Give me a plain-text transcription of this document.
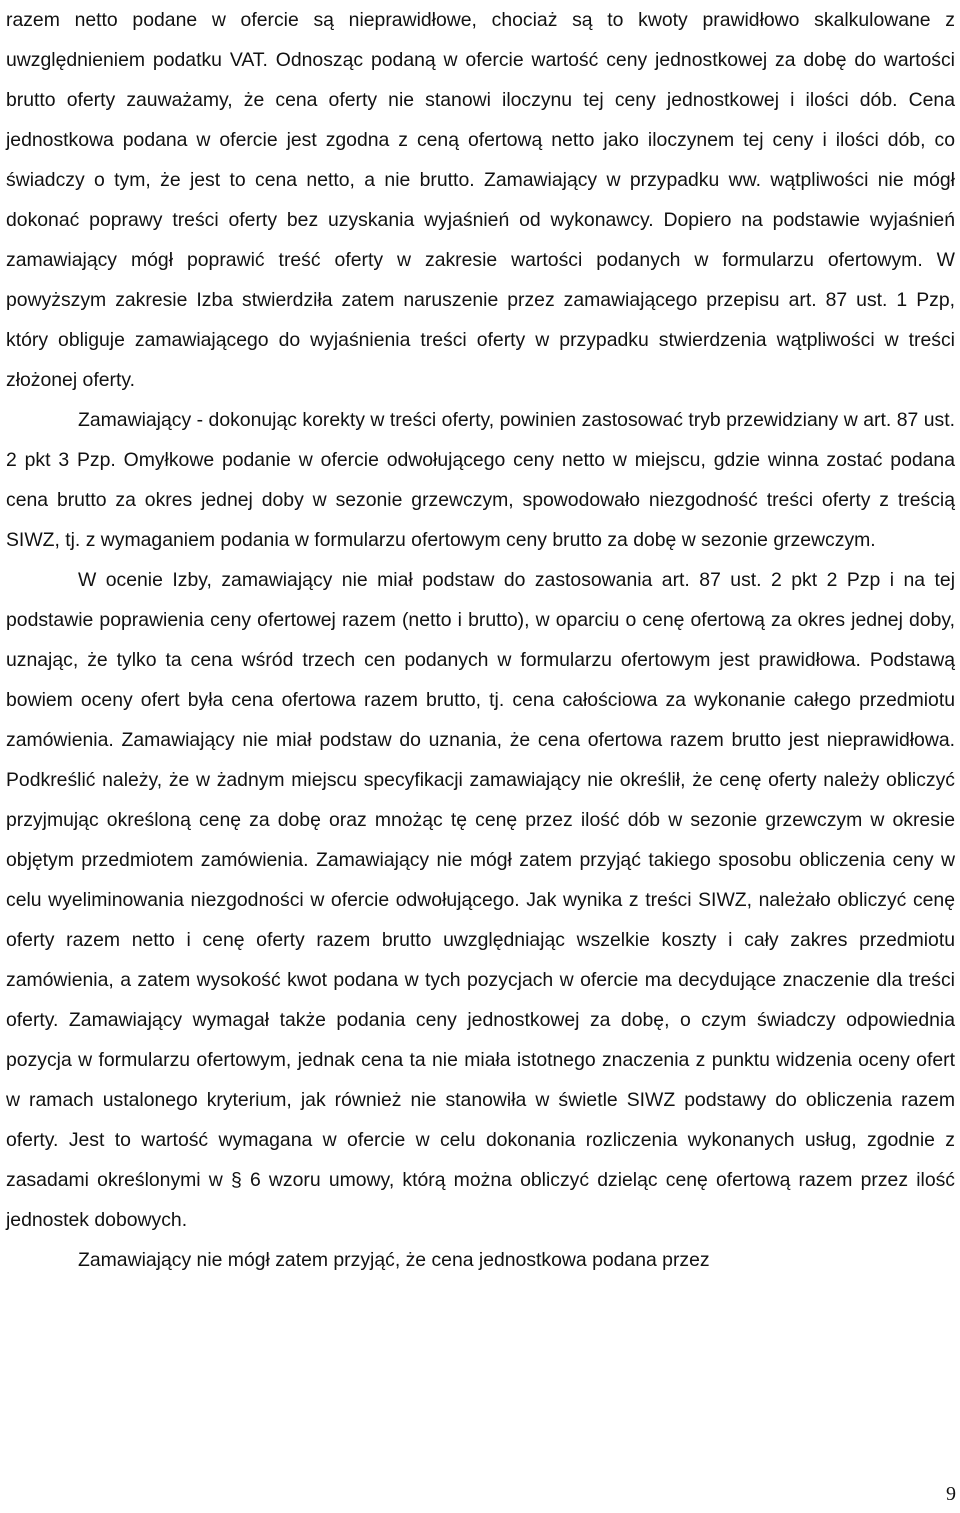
razem netto podane w ofercie są nieprawidłowe, chociaż są to kwoty prawidłowo skalkulowane z uwzględnieniem podatku VAT. Odnosząc podaną w ofercie wartość ceny jednostkowej za dobę do wartości brutto oferty zauważamy, że cena oferty nie stanowi iloczynu tej ceny jednostkowej i ilości dób. Cena jednostkowa podana w ofercie jest zgodna z ceną ofertową netto jako iloczynem tej ceny i ilości dób, co świadczy o tym, że jest to cena netto, a nie brutto. Zamawiający w przypadku ww. wątpliwości nie mógł dokonać poprawy treści oferty bez uzyskania wyjaśnień od wykonawcy. Dopiero na podstawie wyjaśnień zamawiający mógł poprawić treść oferty w zakresie wartości podanych w formularzu ofertowym. W powyższym zakresie Izba stwierdziła zatem naruszenie przez zamawiającego przepisu art. 87 ust. 1 Pzp, który obliguje zamawiającego do wyjaśnienia treści oferty w przypadku stwierdzenia wątpliwości w treści złożonej oferty.

Zamawiający - dokonując korekty w treści oferty, powinien zastosować tryb przewidziany w art. 87 ust. 2 pkt 3 Pzp. Omyłkowe podanie w ofercie odwołującego ceny netto w miejscu, gdzie winna zostać podana cena brutto za okres jednej doby w sezonie grzewczym, spowodowało niezgodność treści oferty z treścią SIWZ, tj. z wymaganiem podania w formularzu ofertowym ceny brutto za dobę w sezonie grzewczym.

W ocenie Izby, zamawiający nie miał podstaw do zastosowania art. 87 ust. 2 pkt 2 Pzp i na tej podstawie poprawienia ceny ofertowej razem (netto i brutto), w oparciu o cenę ofertową za okres jednej doby, uznając, że tylko ta cena wśród trzech cen podanych w formularzu ofertowym jest prawidłowa. Podstawą bowiem oceny ofert była cena ofertowa razem brutto, tj. cena całościowa za wykonanie całego przedmiotu zamówienia. Zamawiający nie miał podstaw do uznania, że cena ofertowa razem brutto jest nieprawidłowa. Podkreślić należy, że w żadnym miejscu specyfikacji zamawiający nie określił, że cenę oferty należy obliczyć przyjmując określoną cenę za dobę oraz mnożąc tę cenę przez ilość dób w sezonie grzewczym w okresie objętym przedmiotem zamówienia. Zamawiający nie mógł zatem przyjąć takiego sposobu obliczenia ceny w celu wyeliminowania niezgodności w ofercie odwołującego. Jak wynika z treści SIWZ, należało obliczyć cenę oferty razem netto i cenę oferty razem brutto uwzględniając wszelkie koszty i cały zakres przedmiotu zamówienia, a zatem wysokość kwot podana w tych pozycjach w ofercie ma decydujące znaczenie dla treści oferty. Zamawiający wymagał także podania ceny jednostkowej za dobę, o czym świadczy odpowiednia pozycja w formularzu ofertowym, jednak cena ta nie miała istotnego znaczenia z punktu widzenia oceny ofert w ramach ustalonego kryterium, jak również nie stanowiła w świetle SIWZ podstawy do obliczenia razem oferty. Jest to wartość wymagana w ofercie w celu dokonania rozliczenia wykonanych usług, zgodnie z zasadami określonymi w § 6 wzoru umowy, którą można obliczyć dzieląc cenę ofertową razem przez ilość jednostek dobowych.

Zamawiający nie mógł zatem przyjąć, że cena jednostkowa podana przez

9
